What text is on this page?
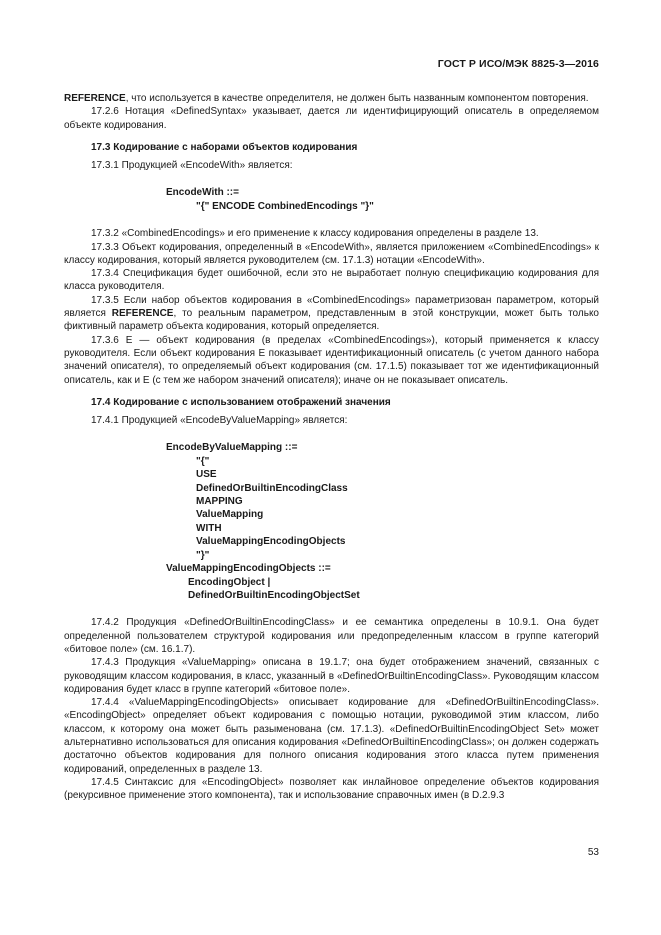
ГОСТ Р ИСО/МЭК 8825-3—2016

REFERENCE, что используется в качестве определителя, не должен быть названным компонентом повторения.

17.2.6 Нотация «DefinedSyntax» указывает, дается ли идентифицирующий описатель в определяемом объекте кодирования.

17.3 Кодирование с наборами объектов кодирования

17.3.1 Продукцией «EncodeWith» является:

EncodeWith ::=

"{" ENCODE CombinedEncodings "}"

17.3.2 «CombinedEncodings» и его применение к классу кодирования определены в разделе 13.

17.3.3 Объект кодирования, определенный в «EncodeWith», является приложением «CombinedEncodings» к классу кодирования, который является руководителем (см. 17.1.3) нотации «EncodeWith».

17.3.4 Спецификация будет ошибочной, если это не выработает полную спецификацию кодирования для класса руководителя.

17.3.5 Если набор объектов кодирования в «CombinedEncodings» параметризован параметром, который является REFERENCE, то реальным параметром, представленным в этой конструкции, может быть только фиктивный параметр объекта кодирования, который определяется.

17.3.6 E — объект кодирования (в пределах «CombinedEncodings»), который применяется к классу руководителя. Если объект кодирования E показывает идентификационный описатель (с учетом данного набора значений описателя), то определяемый объект кодирования (см. 17.1.5) показывает тот же идентификационный описатель, как и E (с тем же набором значений описателя); иначе он не показывает описатель.

17.4 Кодирование с использованием отображений значения

17.4.1 Продукцией «EncodeByValueMapping» является:

EncodeByValueMapping ::=

"{"

USE

DefinedOrBuiltinEncodingClass

MAPPING

ValueMapping

WITH

ValueMappingEncodingObjects

"}"

ValueMappingEncodingObjects ::=

EncodingObject |

DefinedOrBuiltinEncodingObjectSet

17.4.2 Продукция «DefinedOrBuiltinEncodingClass» и ее семантика определены в 10.9.1. Она будет определенной пользователем структурой кодирования или предопределенным классом в группе категорий «битовое поле» (см. 16.1.7).

17.4.3 Продукция «ValueMapping» описана в 19.1.7; она будет отображением значений, связанных с руководящим классом кодирования, в класс, указанный в «DefinedOrBuiltinEncodingClass». Руководящим классом кодирования будет класс в группе категорий «битовое поле».

17.4.4 «ValueMappingEncodingObjects» описывает кодирование для «DefinedOrBuiltinEncodingClass». «EncodingObject» определяет объект кодирования с помощью нотации, руководимой этим классом, либо классом, к которому она может быть разыменована (см. 17.1.3). «DefinedOrBuiltinEncodingObject Set» может альтернативно использоваться для описания кодирования «DefinedOrBuiltinEncodingClass»; он должен содержать достаточно объектов кодирования для полного описания кодирования этого класса путем применения кодирований, определенных в разделе 13.

17.4.5 Синтаксис для «EncodingObject» позволяет как инлайновое определение объектов кодирования (рекурсивное применение этого компонента), так и использование справочных имен (в D.2.9.3

53
